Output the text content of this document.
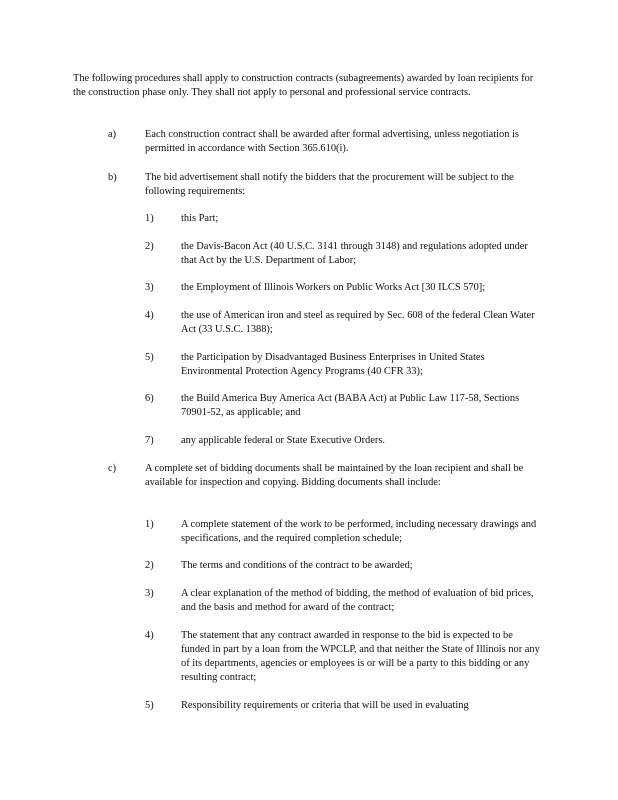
The following procedures shall apply to construction contracts (subagreements) awarded by loan recipients for the construction phase only. They shall not apply to personal and professional service contracts.

a)	Each construction contract shall be awarded after formal advertising, unless negotiation is permitted in accordance with Section 365.610(i).

b)	The bid advertisement shall notify the bidders that the procurement will be subject to the following requirements:

1)	this Part;

2)	the Davis-Bacon Act (40 U.S.C. 3141 through 3148) and regulations adopted under that Act by the U.S. Department of Labor;

3)	the Employment of Illinois Workers on Public Works Act [30 ILCS 570];

4)	the use of American iron and steel as required by Sec. 608 of the federal Clean Water Act (33 U.S.C. 1388);

5)	the Participation by Disadvantaged Business Enterprises in United States Environmental Protection Agency Programs (40 CFR 33);

6)	the Build America Buy America Act (BABA Act) at Public Law 117-58, Sections 70901-52, as applicable; and

7)	any applicable federal or State Executive Orders.

c)	A complete set of bidding documents shall be maintained by the loan recipient and shall be available for inspection and copying. Bidding documents shall include:

1)	A complete statement of the work to be performed, including necessary drawings and specifications, and the required completion schedule;

2)	The terms and conditions of the contract to be awarded;

3)	A clear explanation of the method of bidding, the method of evaluation of bid prices, and the basis and method for award of the contract;

4)	The statement that any contract awarded in response to the bid is expected to be funded in part by a loan from the WPCLP, and that neither the State of Illinois nor any of its departments, agencies or employees is or will be a party to this bidding or any resulting contract;

5)	Responsibility requirements or criteria that will be used in evaluating
